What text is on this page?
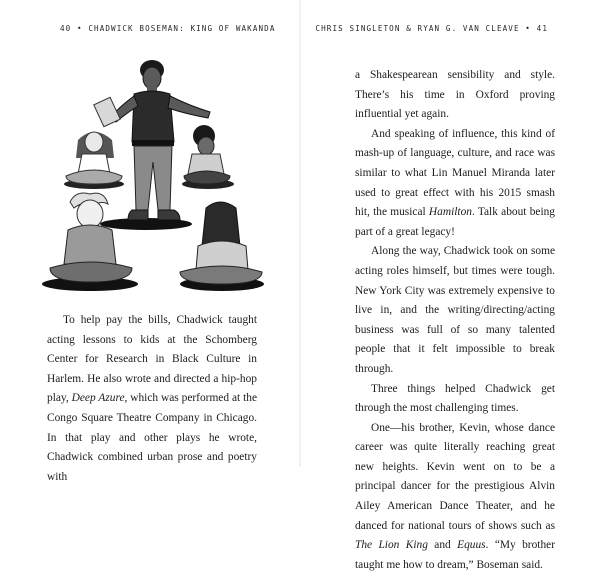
40 • CHADWICK BOSEMAN: KING OF WAKANDA

To help pay the bills, Chadwick taught acting lessons to kids at the Schomberg Center for Research in Black Culture in Harlem. He also wrote and directed a hip-hop play, Deep Azure, which was performed at the Congo Square Theatre Company in Chicago. In that play and other plays he wrote, Chadwick combined urban prose and poetry with

CHRIS SINGLETON & RYAN G. VAN CLEAVE • 41

a Shakespearean sensibility and style. There’s his time in Oxford proving influential yet again.

And speaking of influence, this kind of mash-up of language, culture, and race was similar to what Lin Manuel Miranda later used to great effect with his 2015 smash hit, the musical Hamilton. Talk about being part of a great legacy!

Along the way, Chadwick took on some acting roles himself, but times were tough. New York City was extremely expensive to live in, and the writing/directing/acting business was full of so many talented people that it felt impossible to break through.

Three things helped Chadwick get through the most challenging times.

One—his brother, Kevin, whose dance career was quite literally reaching great new heights. Kevin went on to be a principal dancer for the prestigious Alvin Ailey American Dance Theater, and he danced for national tours of shows such as The Lion King and Equus. “My brother taught me how to dream,” Boseman said.
